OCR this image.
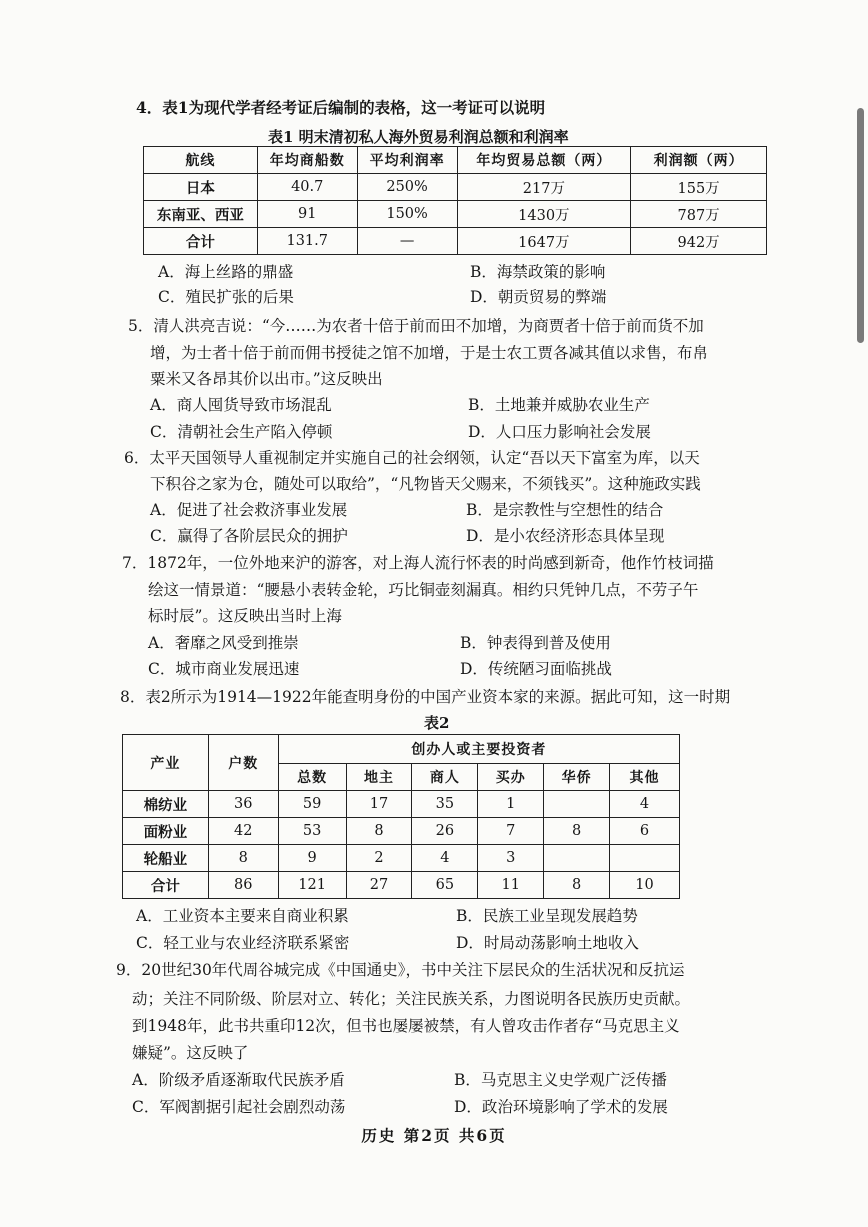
4．表1为现代学者经考证后编制的表格，这一考证可以说明
表1 明末清初私人海外贸易利润总额和利润率
航线	年均商船数	平均利润率	年均贸易总额（两）	利润额（两）
日本	40.7	250%	217万	155万
东南亚、西亚	91	150%	1430万	787万
合计	131.7	—	1647万	942万
A．海上丝路的鼎盛	B．海禁政策的影响
C．殖民扩张的后果	D．朝贡贸易的弊端
5．清人洪亮吉说：“今……为农者十倍于前而田不加增，为商贾者十倍于前而货不加
增，为士者十倍于前而佣书授徒之馆不加增，于是士农工贾各减其值以求售，布帛
粟米又各昂其价以出市。”这反映出
A．商人囤货导致市场混乱	B．土地兼并威胁农业生产
C．清朝社会生产陷入停顿	D．人口压力影响社会发展
6．太平天国领导人重视制定并实施自己的社会纲领，认定“吾以天下富室为库，以天
下积谷之家为仓，随处可以取给”，“凡物皆天父赐来，不须钱买”。这种施政实践
A．促进了社会救济事业发展	B．是宗教性与空想性的结合
C．赢得了各阶层民众的拥护	D．是小农经济形态具体呈现
7．1872年，一位外地来沪的游客，对上海人流行怀表的时尚感到新奇，他作竹枝词描
绘这一情景道：“腰悬小表转金轮，巧比铜壶刻漏真。相约只凭钟几点，不劳子午
标时辰”。这反映出当时上海
A．奢靡之风受到推崇	B．钟表得到普及使用
C．城市商业发展迅速	D．传统陋习面临挑战
8．表2所示为1914—1922年能查明身份的中国产业资本家的来源。据此可知，这一时期
表2
产业	户数	创办人或主要投资者					
		总数	地主	商人	买办	华侨	其他
棉纺业	36	59	17	35	1		4
面粉业	42	53	8	26	7	8	6
轮船业	8	9	2	4	3		
合计	86	121	27	65	11	8	10
A．工业资本主要来自商业积累	B．民族工业呈现发展趋势
C．轻工业与农业经济联系紧密	D．时局动荡影响土地收入
9．20世纪30年代周谷城完成《中国通史》，书中关注下层民众的生活状况和反抗运
动；关注不同阶级、阶层对立、转化；关注民族关系，力图说明各民族历史贡献。
到1948年，此书共重印12次，但书也屡屡被禁，有人曾攻击作者存“马克思主义
嫌疑”。这反映了
A．阶级矛盾逐渐取代民族矛盾	B．马克思主义史学观广泛传播
C．军阀割据引起社会剧烈动荡	D．政治环境影响了学术的发展
历史 第2页 共6页
